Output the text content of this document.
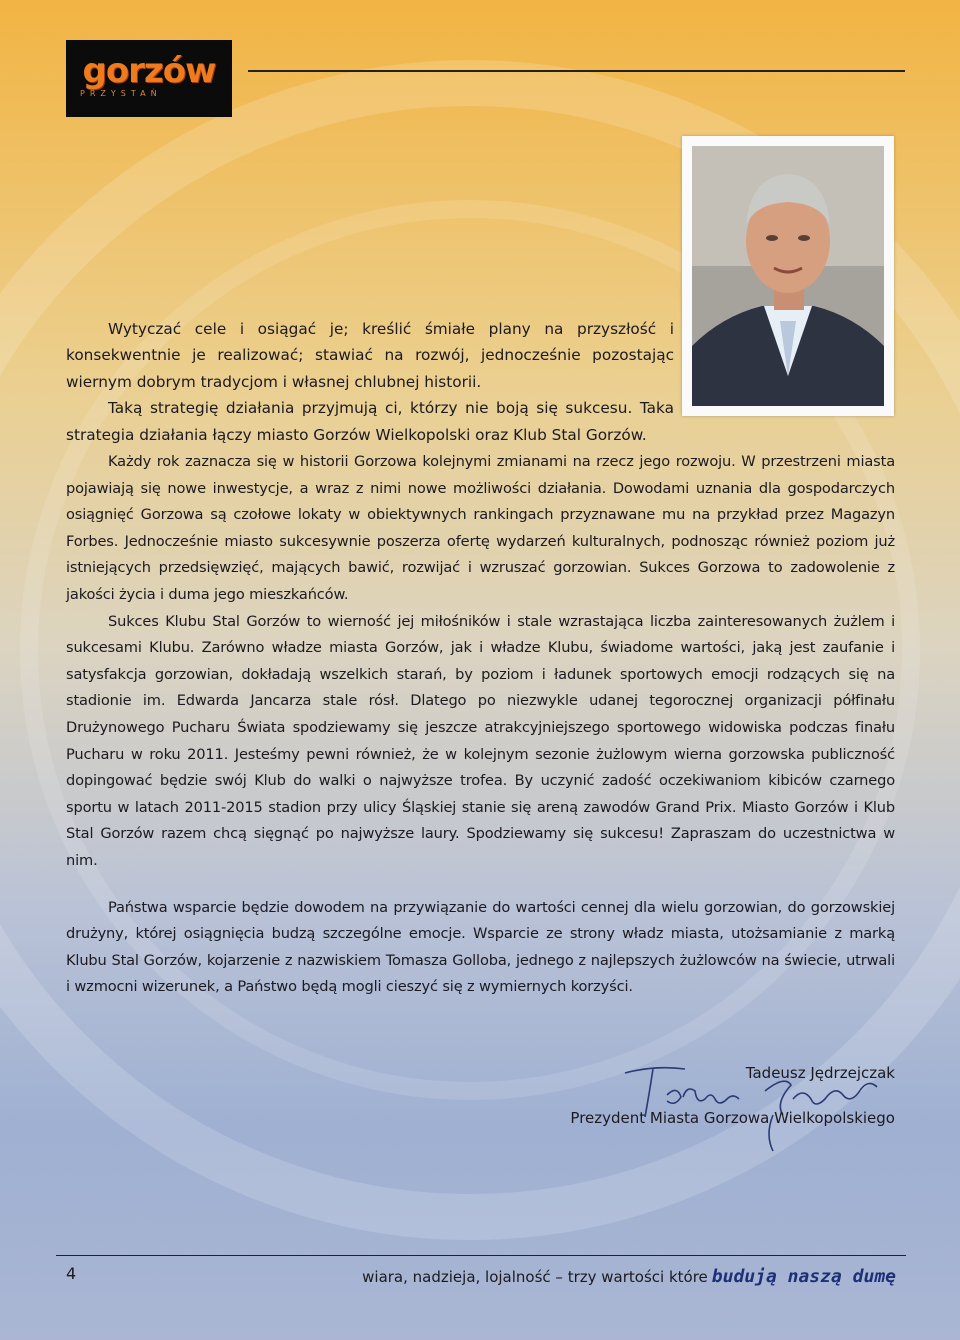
gorzów
PRZYSTAŃ

Wytyczać cele i osiągać je; kreślić śmiałe plany na przyszłość i konsekwentnie je realizować; stawiać na rozwój, jednocześnie pozostając wiernym dobrym tradycjom i własnej chlubnej historii.

Taką strategię działania przyjmują ci, którzy nie boją się sukcesu. Taka strategia działania łączy miasto Gorzów Wielkopolski oraz Klub Stal Gorzów.

Każdy rok zaznacza się w historii Gorzowa kolejnymi zmianami na rzecz jego rozwoju. W przestrzeni miasta pojawiają się nowe inwestycje, a wraz z nimi nowe możliwości działania. Dowodami uznania dla gospodarczych osiągnięć Gorzowa są czołowe lokaty w obiektywnych rankingach przyznawane mu na przykład przez Magazyn Forbes. Jednocześnie miasto sukcesywnie poszerza ofertę wydarzeń kulturalnych, podnosząc również poziom już istniejących przedsięwzięć, mających bawić, rozwijać i wzruszać gorzowian. Sukces Gorzowa to zadowolenie z jakości życia i duma jego mieszkańców.

Sukces Klubu Stal Gorzów to wierność jej miłośników i stale wzrastająca liczba zainteresowanych żużlem i sukcesami Klubu. Zarówno władze miasta Gorzów, jak i władze Klubu, świadome wartości, jaką jest zaufanie i satysfakcja gorzowian, dokładają wszelkich starań, by poziom i ładunek sportowych emocji rodzących się na stadionie im. Edwarda Jancarza stale rósł. Dlatego po niezwykle udanej tegorocznej organizacji półfinału Drużynowego Pucharu Świata spodziewamy się jeszcze atrakcyjniejszego sportowego widowiska podczas finału Pucharu w roku 2011. Jesteśmy pewni również, że w kolejnym sezonie żużlowym wierna gorzowska publiczność dopingować będzie swój Klub do walki o najwyższe trofea. By uczynić zadość oczekiwaniom kibiców czarnego sportu w latach 2011-2015 stadion przy ulicy Śląskiej stanie się areną zawodów Grand Prix. Miasto Gorzów i Klub Stal Gorzów razem chcą sięgnąć po najwyższe laury. Spodziewamy się sukcesu! Zapraszam do uczestnictwa w nim.

Państwa wsparcie będzie dowodem na przywiązanie do wartości cennej dla wielu gorzowian, do gorzowskiej drużyny, której osiągnięcia budzą szczególne emocje. Wsparcie ze strony władz miasta, utożsamianie z marką Klubu Stal Gorzów, kojarzenie z nazwiskiem Tomasza Golloba, jednego z najlepszych żużlowców na świecie, utrwali i wzmocni wizerunek, a Państwo będą mogli cieszyć się z wymiernych korzyści.

Tadeusz Jędrzejczak
Prezydent Miasta Gorzowa Wielkopolskiego
4	wiara, nadzieja, lojalność – trzy wartości które budują naszą dumę
